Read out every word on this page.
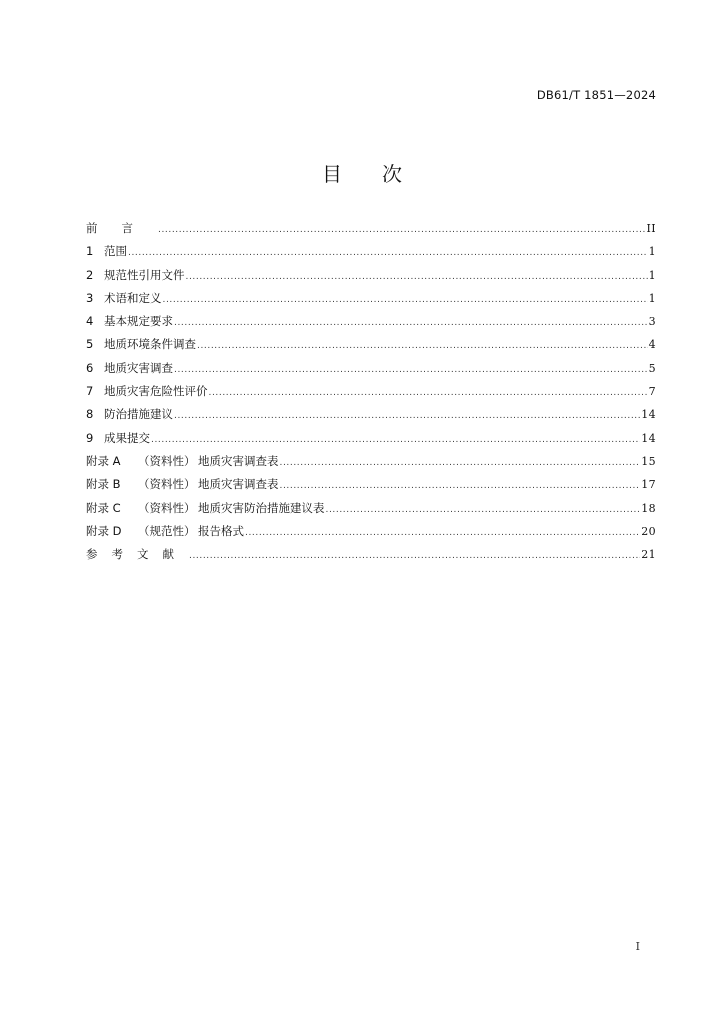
DB61/T 1851—2024
目 次
前言 .....	II
1 范围 .....	1
2 规范性引用文件 .....	1
3 术语和定义 .....	1
4 基本规定要求 .....	3
5 地质环境条件调查 .....	4
6 地质灾害调查 .....	5
7 地质灾害危险性评价 .....	7
8 防治措施建议 .....	14
9 成果提交 .....	14
附录 A	（资料性） 地质灾害调查表 .....	15
附录 B	（资料性） 地质灾害调查表 .....	17
附录 C	（资料性） 地质灾害防治措施建议表 .....	18
附录 D	（规范性） 报告格式 .....	20
参考文献 .....	21
I
